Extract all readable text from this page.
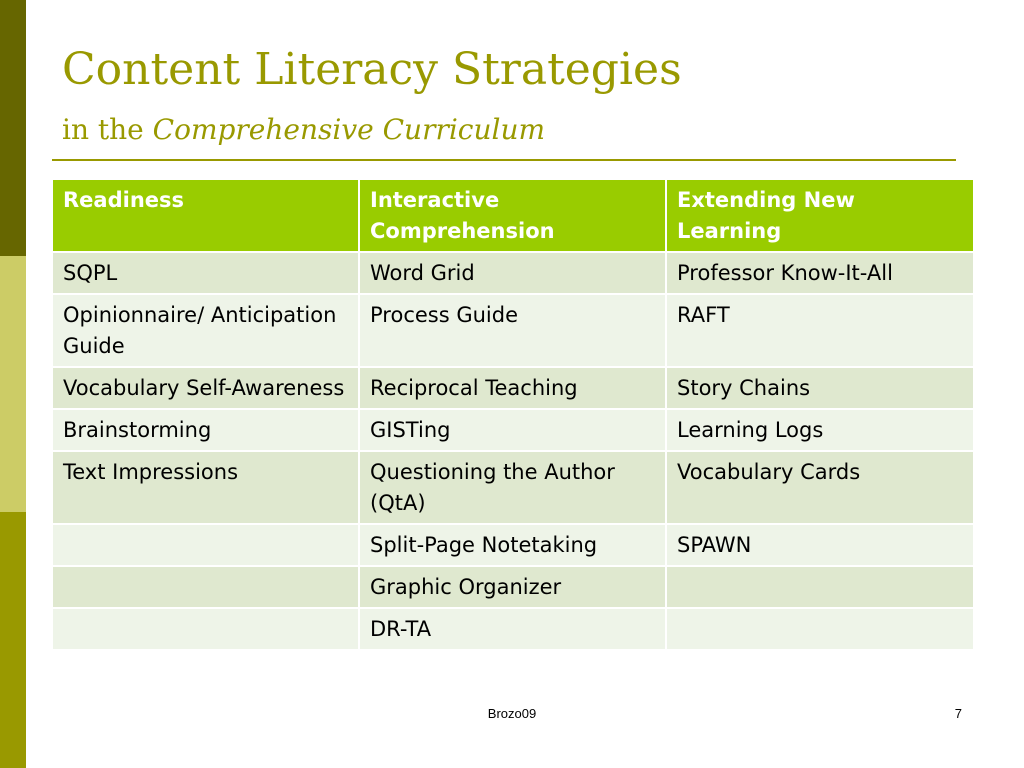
Content Literacy Strategies
in the Comprehensive Curriculum
Readiness	Interactive Comprehension	Extending New Learning

SQPL	Word Grid	Professor Know-It-All
Opinionnaire/ Anticipation Guide	Process Guide	RAFT
Vocabulary Self-Awareness	Reciprocal Teaching	Story Chains
Brainstorming	GISTing	Learning Logs
Text Impressions	Questioning the Author (QtA)	Vocabulary Cards
	Split-Page Notetaking	SPAWN
	Graphic Organizer	
	DR-TA	
Brozo09	7
